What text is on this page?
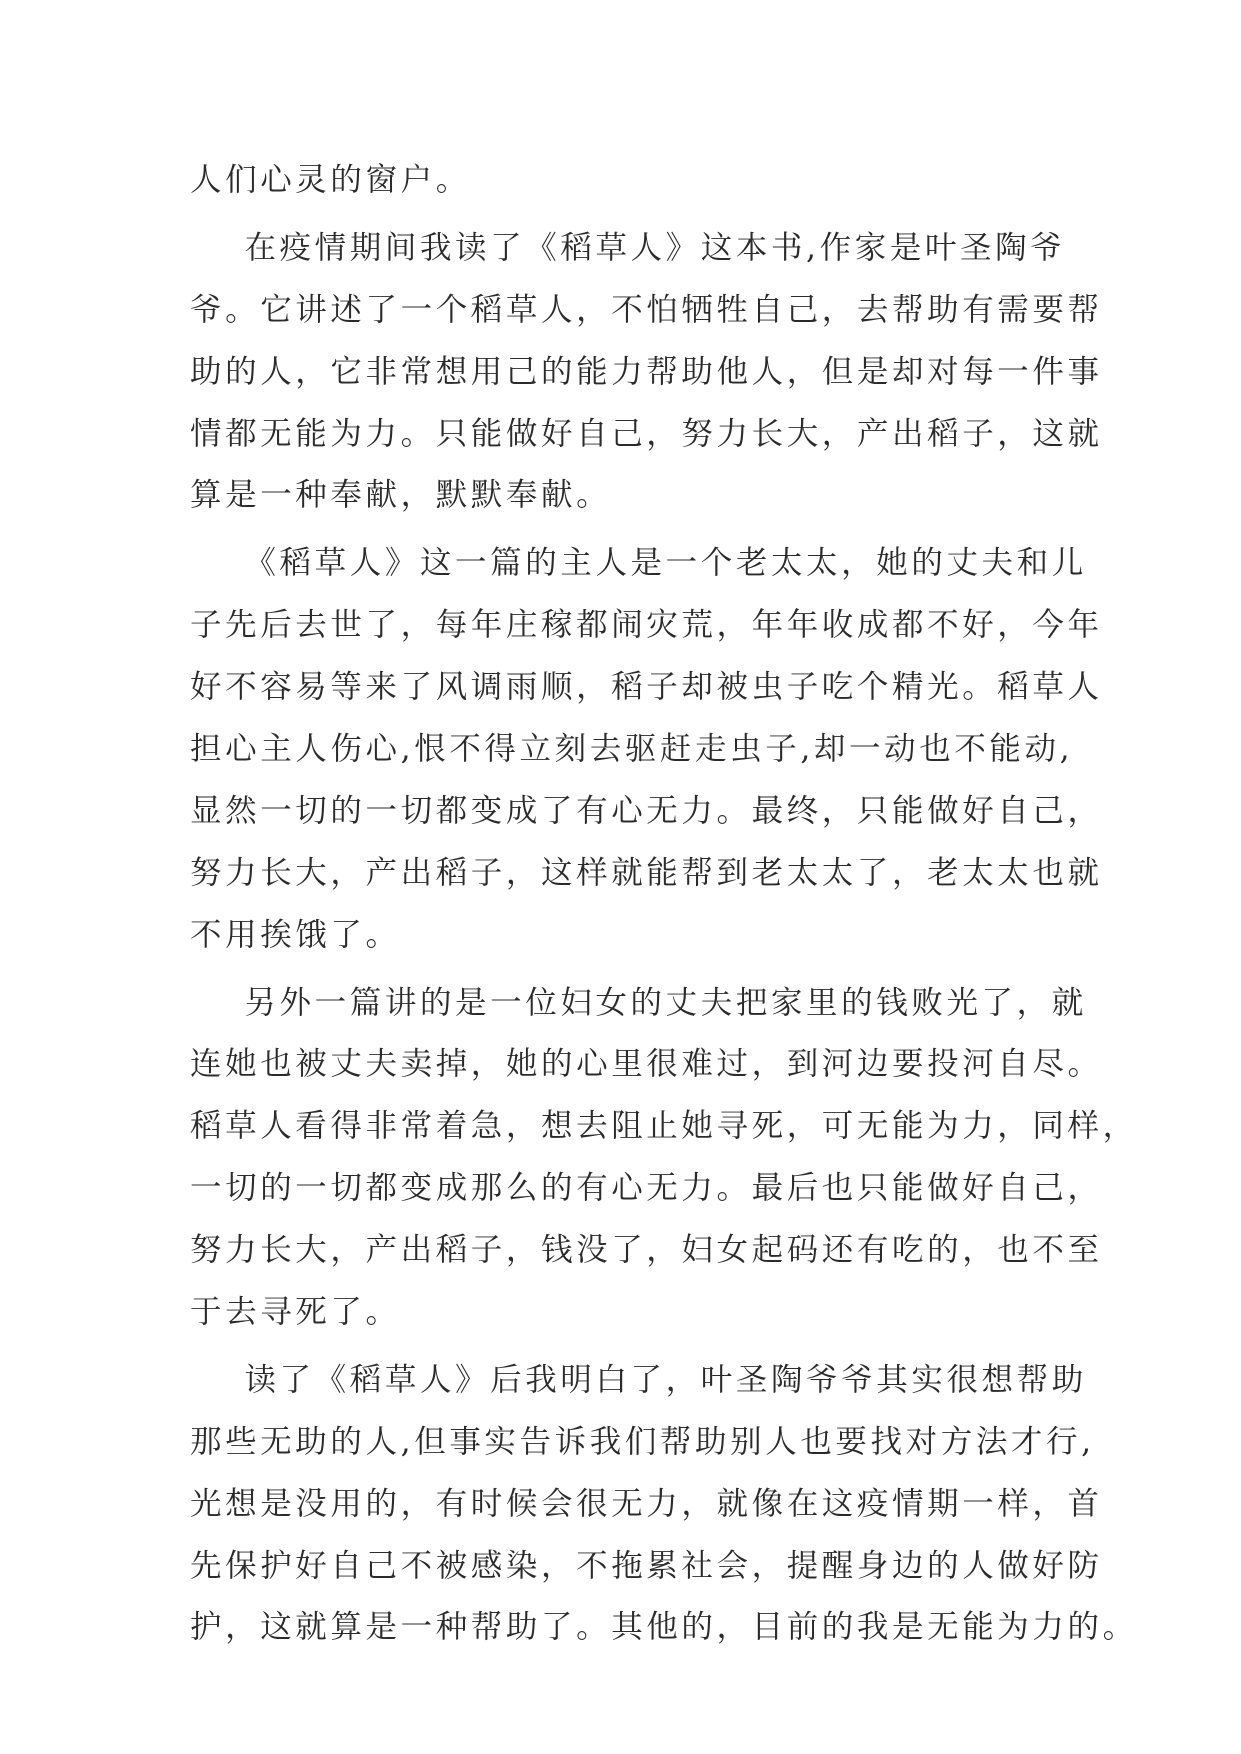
人们心灵的窗户。
在疫情期间我读了《稻草人》这本书,作家是叶圣陶爷
爷。它讲述了一个稻草人，不怕牺牲自己，去帮助有需要帮
助的人，它非常想用己的能力帮助他人，但是却对每一件事
情都无能为力。只能做好自己，努力长大，产出稻子，这就
算是一种奉献，默默奉献。
《稻草人》这一篇的主人是一个老太太，她的丈夫和儿
子先后去世了，每年庄稼都闹灾荒，年年收成都不好，今年
好不容易等来了风调雨顺，稻子却被虫子吃个精光。稻草人
担心主人伤心,恨不得立刻去驱赶走虫子,却一动也不能动,
显然一切的一切都变成了有心无力。最终，只能做好自己，
努力长大，产出稻子，这样就能帮到老太太了，老太太也就
不用挨饿了。
另外一篇讲的是一位妇女的丈夫把家里的钱败光了，就
连她也被丈夫卖掉，她的心里很难过，到河边要投河自尽。
稻草人看得非常着急，想去阻止她寻死，可无能为力，同样，
一切的一切都变成那么的有心无力。最后也只能做好自己，
努力长大，产出稻子，钱没了，妇女起码还有吃的，也不至
于去寻死了。
读了《稻草人》后我明白了，叶圣陶爷爷其实很想帮助
那些无助的人,但事实告诉我们帮助别人也要找对方法才行,
光想是没用的，有时候会很无力，就像在这疫情期一样，首
先保护好自己不被感染，不拖累社会，提醒身边的人做好防
护，这就算是一种帮助了。其他的，目前的我是无能为力的。
